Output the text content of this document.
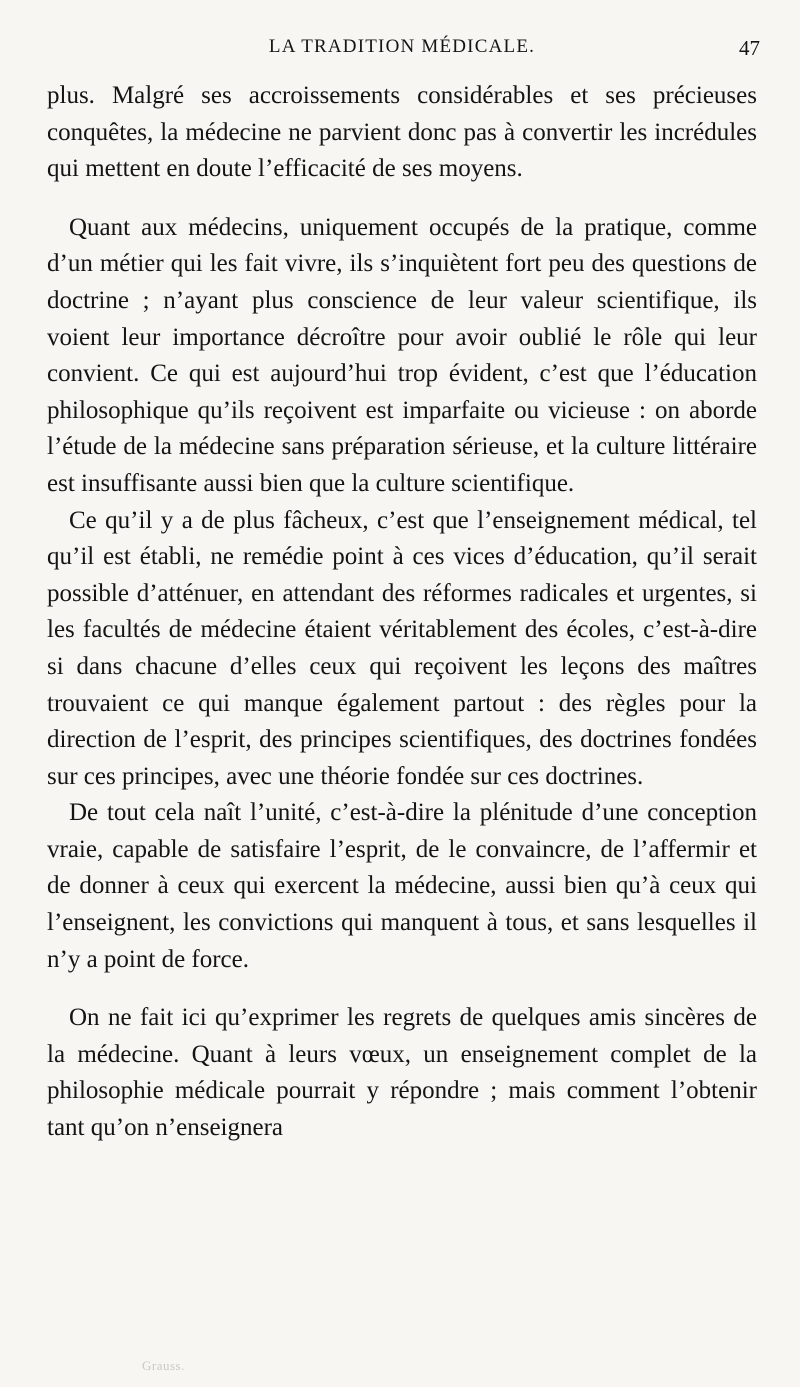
LA TRADITION MÉDICALE.	47

plus. Malgré ses accroissements considérables et ses précieuses conquêtes, la médecine ne parvient donc pas à convertir les incrédules qui mettent en doute l’efficacité de ses moyens.

Quant aux médecins, uniquement occupés de la pratique, comme d’un métier qui les fait vivre, ils s’inquiètent fort peu des questions de doctrine ; n’ayant plus conscience de leur valeur scientifique, ils voient leur importance décroître pour avoir oublié le rôle qui leur convient. Ce qui est aujourd’hui trop évident, c’est que l’éducation philosophique qu’ils reçoivent est imparfaite ou vicieuse : on aborde l’étude de la médecine sans préparation sérieuse, et la culture littéraire est insuffisante aussi bien que la culture scientifique.

Ce qu’il y a de plus fâcheux, c’est que l’enseignement médical, tel qu’il est établi, ne remédie point à ces vices d’éducation, qu’il serait possible d’atténuer, en attendant des réformes radicales et urgentes, si les facultés de médecine étaient véritablement des écoles, c’est-à-dire si dans chacune d’elles ceux qui reçoivent les leçons des maîtres trouvaient ce qui manque également partout : des règles pour la direction de l’esprit, des principes scientifiques, des doctrines fondées sur ces principes, avec une théorie fondée sur ces doctrines.

De tout cela naît l’unité, c’est-à-dire la plénitude d’une conception vraie, capable de satisfaire l’esprit, de le convaincre, de l’affermir et de donner à ceux qui exercent la médecine, aussi bien qu’à ceux qui l’enseignent, les convictions qui manquent à tous, et sans lesquelles il n’y a point de force.

On ne fait ici qu’exprimer les regrets de quelques amis sincères de la médecine. Quant à leurs vœux, un enseignement complet de la philosophie médicale pourrait y répondre ; mais comment l’obtenir tant qu’on n’enseignera

Grauss.
